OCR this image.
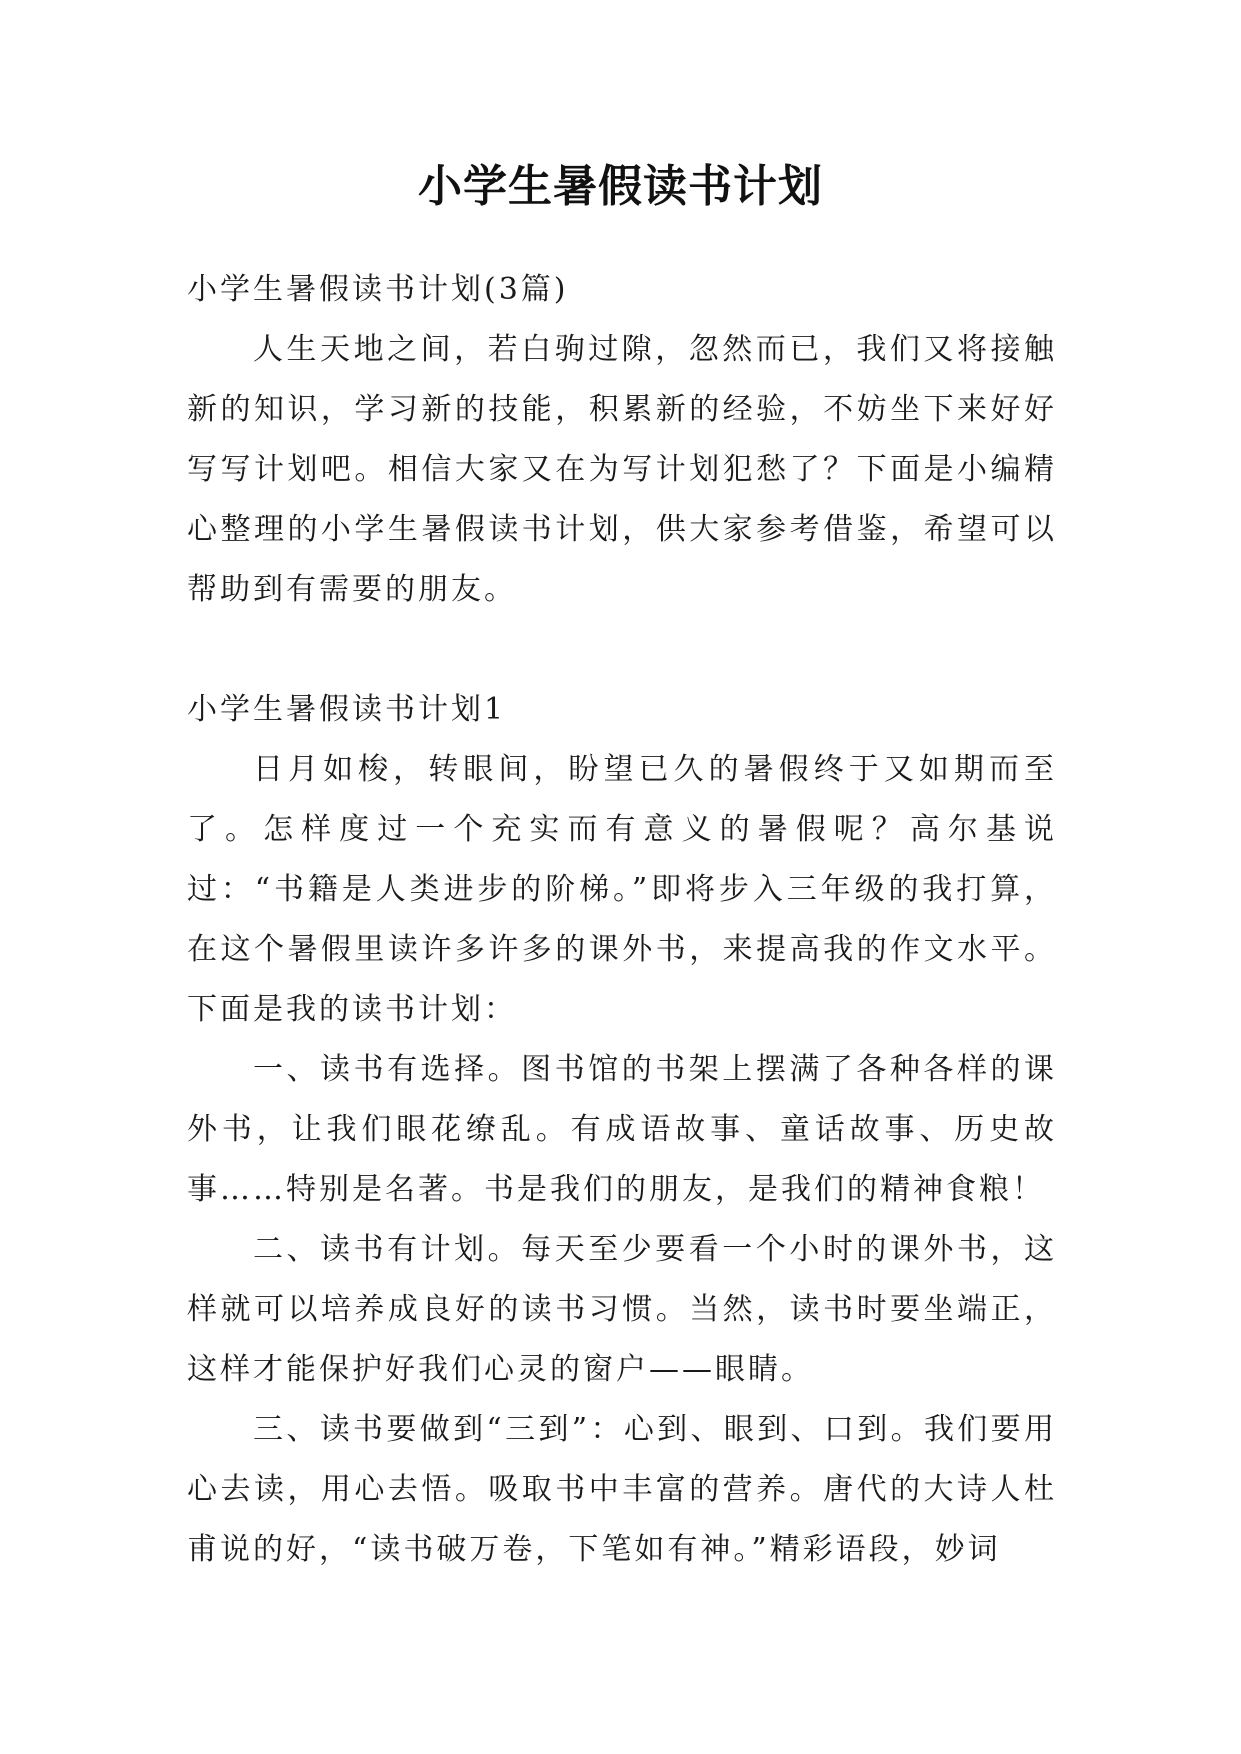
小学生暑假读书计划

小学生暑假读书计划(3篇)

人生天地之间，若白驹过隙，忽然而已，我们又将接触新的知识，学习新的技能，积累新的经验，不妨坐下来好好写写计划吧。相信大家又在为写计划犯愁了？下面是小编精心整理的小学生暑假读书计划，供大家参考借鉴，希望可以帮助到有需要的朋友。

小学生暑假读书计划1

日月如梭，转眼间，盼望已久的暑假终于又如期而至了。怎样度过一个充实而有意义的暑假呢？高尔基说过：“书籍是人类进步的阶梯。”即将步入三年级的我打算，在这个暑假里读许多许多的课外书，来提高我的作文水平。下面是我的读书计划：

一、读书有选择。图书馆的书架上摆满了各种各样的课外书，让我们眼花缭乱。有成语故事、童话故事、历史故事……特别是名著。书是我们的朋友，是我们的精神食粮！

二、读书有计划。每天至少要看一个小时的课外书，这样就可以培养成良好的读书习惯。当然，读书时要坐端正，这样才能保护好我们心灵的窗户——眼睛。

三、读书要做到“三到”：心到、眼到、口到。我们要用心去读，用心去悟。吸取书中丰富的营养。唐代的大诗人杜甫说的好，“读书破万卷，下笔如有神。”精彩语段，妙词
